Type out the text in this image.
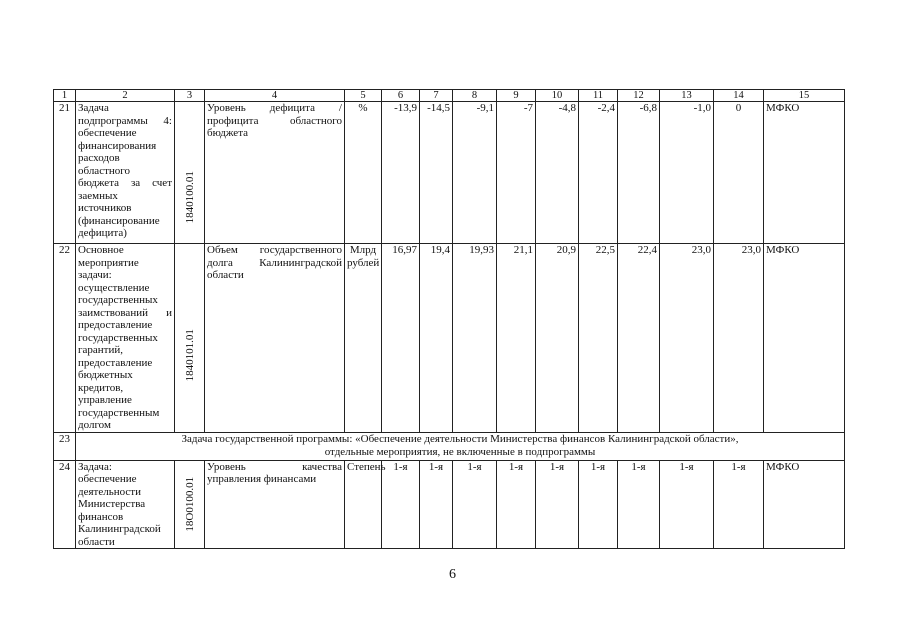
1	2	3	4	5	6	7	8	9	10	11	12	13	14	15
21	Задача подпрограммы 4: обеспечение финансирования расходов областного бюджета за счет заемных источников (финансирование дефицита)	1840100.01	Уровень дефицита / профицита областного бюджета	%	-13,9	-14,5	-9,1	-7	-4,8	-2,4	-6,8	-1,0	0	МФКО
22	Основное мероприятие задачи: осуществление государственных заимствований и предоставление государственных гарантий, предоставление бюджетных кредитов, управление государственным долгом	1840101.01	Объем государственного долга Калининградской области	Млрд рублей	16,97	19,4	19,93	21,1	20,9	22,5	22,4	23,0	23,0	МФКО
23	Задача государственной программы: «Обеспечение деятельности Министерства финансов Калининградской области»,
отдельные мероприятия, не включенные в подпрограммы													

24	Задача: обеспечение деятельности Министерства финансов Калининградской области	18О0100.01	Уровень качества управления финансами	Степень	1-я	1-я	1-я	1-я	1-я	1-я	1-я	1-я	1-я	МФКО
6
